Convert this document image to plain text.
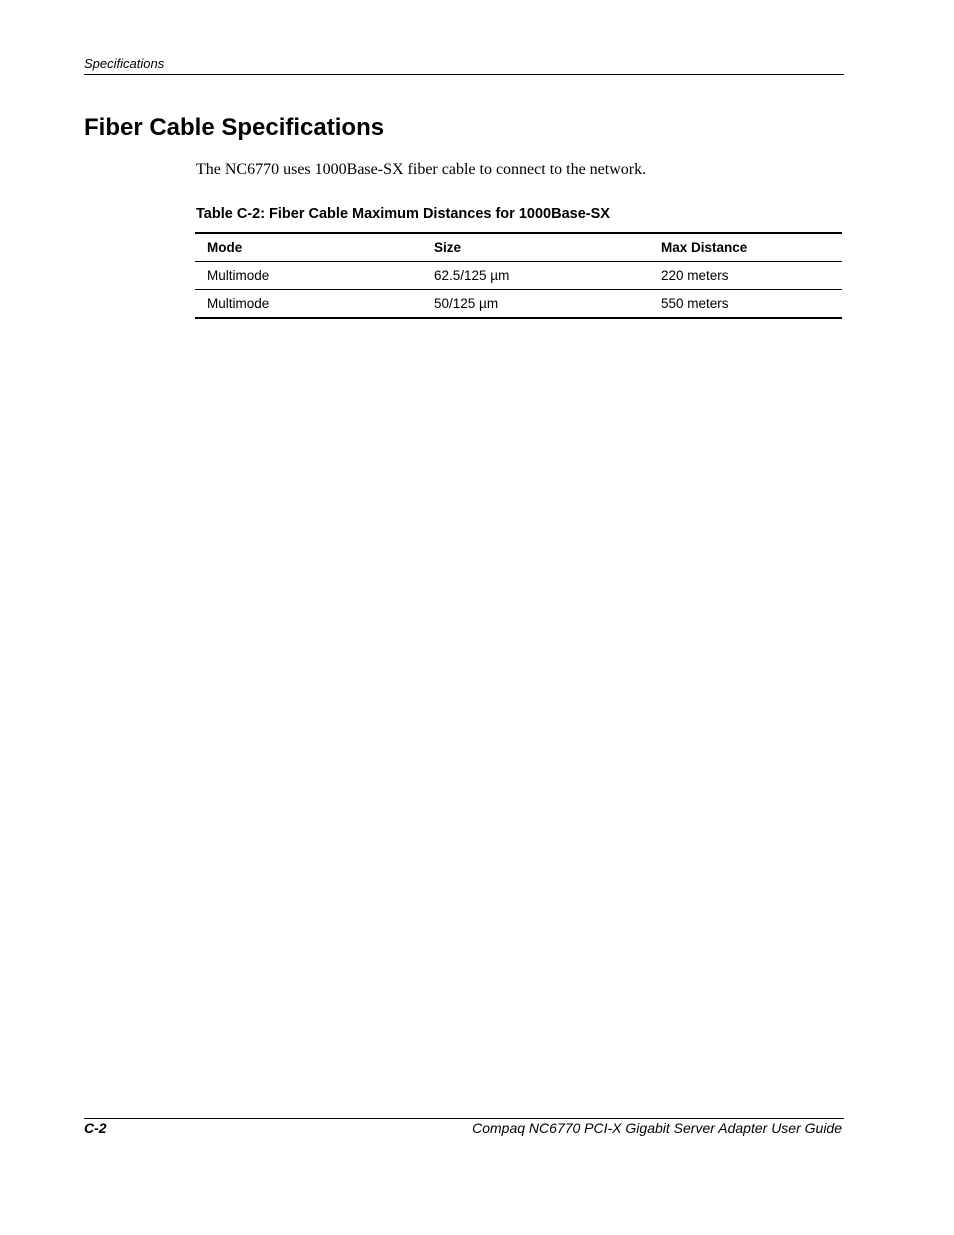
Specifications
Fiber Cable Specifications

The NC6770 uses 1000Base-SX fiber cable to connect to the network.

Table C-2: Fiber Cable Maximum Distances for 1000Base-SX

Mode	Size	Max Distance
Multimode	62.5/125 µm	220 meters
Multimode	50/125 µm	550 meters
C-2	Compaq NC6770 PCI-X Gigabit Server Adapter User Guide
